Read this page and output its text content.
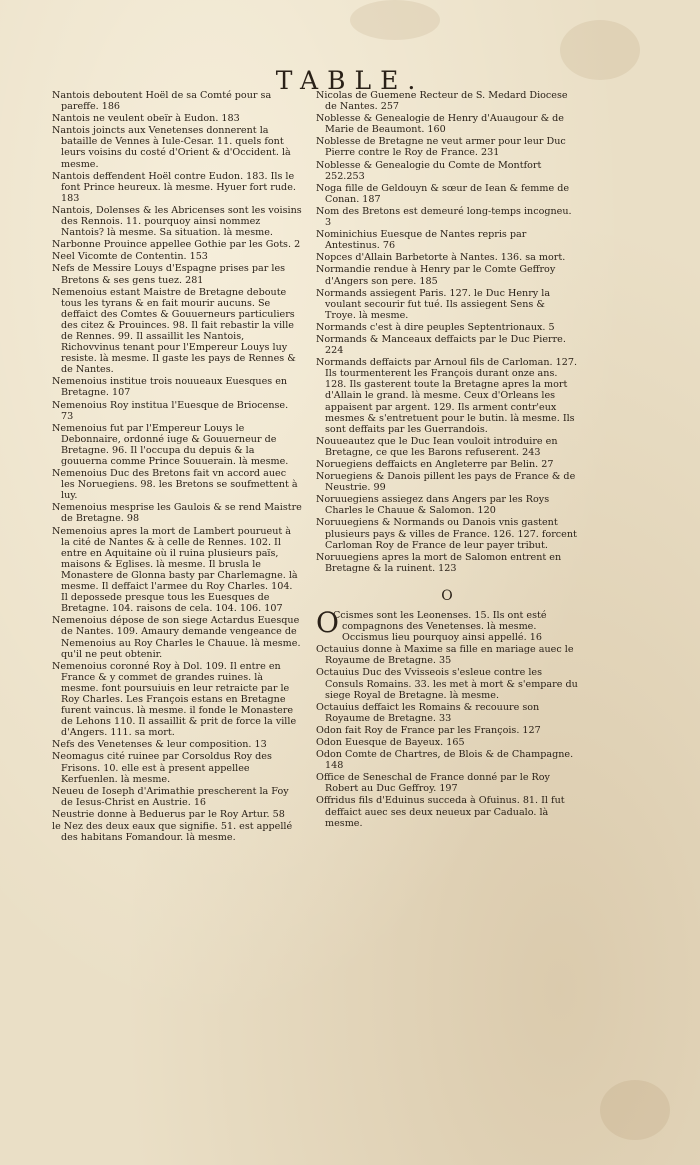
TABLE.

Nantois deboutent Hoël de sa Comté pour sa pareffe. 186

Nantois ne veulent obeïr à Eudon. 183

Nantois joincts aux Venetenses donnerent la bataille de Vennes à Iule-Cesar. 11. quels font leurs voisins du costé d'Orient & d'Occident. là mesme.

Nantois deffendent Hoël contre Eudon. 183. Ils le font Prince heureux. là mesme. Hyuer fort rude. 183

Nantois, Dolenses & les Abricenses sont les voisins des Rennois. 11. pourquoy ainsi nommez Nantois? là mesme. Sa situation. là mesme.

Narbonne Prouince appellee Gothie par les Gots. 2

Neel Vicomte de Contentin. 153

Nefs de Messire Louys d'Espagne prises par les Bretons & ses gens tuez. 281

Nemenoius estant Maistre de Bretagne deboute tous les tyrans & en fait mourir aucuns. Se deffaict des Comtes & Gouuerneurs particuliers des citez & Prouinces. 98. Il fait rebastir la ville de Rennes. 99. Il assaillit les Nantois, Richovvinus tenant pour l'Empereur Louys luy resiste. là mesme. Il gaste les pays de Rennes & de Nantes.

Nemenoius institue trois nouueaux Euesques en Bretagne. 107

Nemenoius Roy institua l'Euesque de Briocense. 73

Nemenoius fut par l'Empereur Louys le Debonnaire, ordonné iuge & Gouuerneur de Bretagne. 96. Il l'occupa du depuis & la gouuerna comme Prince Souuerain. là mesme.

Nemenoius Duc des Bretons fait vn accord auec les Noruegiens. 98. les Bretons se soufmettent à luy.

Nemenoius mesprise les Gaulois & se rend Maistre de Bretagne. 98

Nemenoius apres la mort de Lambert pourueut à la cité de Nantes & à celle de Rennes. 102. Il entre en Aquitaine où il ruina plusieurs païs, maisons & Eglises. là mesme. Il brusla le Monastere de Glonna basty par Charlemagne. là mesme. Il deffaict l'armee du Roy Charles. 104. Il depossede presque tous les Euesques de Bretagne. 104. raisons de cela. 104. 106. 107

Nemenoius dépose de son siege Actardus Euesque de Nantes. 109. Amaury demande vengeance de Nemenoius au Roy Charles le Chauue. là mesme. qu'il ne peut obtenir.

Nemenoius coronné Roy à Dol. 109. Il entre en France & y commet de grandes ruines. là mesme. font poursuiuis en leur retraicte par le Roy Charles. Les François estans en Bretagne furent vaincus. là mesme. il fonde le Monastere de Lehons 110. Il assaillit & prit de force la ville d'Angers. 111. sa mort.

Nefs des Venetenses & leur composition. 13

Neomagus cité ruinee par Corsoldus Roy des Frisons. 10. elle est à present appellee Kerfuenlen. là mesme.

Neueu de Ioseph d'Arimathie prescherent la Foy de Iesus-Christ en Austrie. 16

Neustrie donne à Beduerus par le Roy Artur. 58

le Nez des deux eaux que signifie. 51. est appellé des habitans Fomandour. là mesme.

Nicolas de Guemene Recteur de S. Medard Diocese de Nantes. 257

Noblesse & Genealogie de Henry d'Auaugour & de Marie de Beaumont. 160

Noblesse de Bretagne ne veut armer pour leur Duc Pierre contre le Roy de France. 231

Noblesse & Genealogie du Comte de Montfort 252.253

Noga fille de Geldouyn & sœur de Iean & femme de Conan. 187

Nom des Bretons est demeuré long-temps incogneu. 3

Nominichius Euesque de Nantes repris par Antestinus. 76

Nopces d'Allain Barbetorte à Nantes. 136. sa mort.

Normandie rendue à Henry par le Comte Geffroy d'Angers son pere. 185

Normands assiegent Paris. 127. le Duc Henry la voulant secourir fut tué. Ils assiegent Sens & Troye. là mesme.

Normands c'est à dire peuples Septentrionaux. 5

Normands & Manceaux deffaicts par le Duc Pierre. 224

Normands deffaicts par Arnoul fils de Carloman. 127. Ils tourmenterent les François durant onze ans. 128. Ils gasterent toute la Bretagne apres la mort d'Allain le grand. là mesme. Ceux d'Orleans les appaisent par argent. 129. Ils arment contr'eux mesmes & s'entretuent pour le butin. là mesme. Ils sont deffaits par les Guerrandois.

Nouueautez que le Duc Iean vouloit introduire en Bretagne, ce que les Barons refuserent. 243

Noruegiens deffaicts en Angleterre par Belin. 27

Noruegiens & Danois pillent les pays de France & de Neustrie. 99

Noruuegiens assiegez dans Angers par les Roys Charles le Chauue & Salomon. 120

Noruuegiens & Normands ou Danois vnis gastent plusieurs pays & villes de France. 126. 127. forcent Carloman Roy de France de leur payer tribut.

Noruuegiens apres la mort de Salomon entrent en Bretagne & la ruinent. 123

O

OCcismes sont les Leonenses. 15. Ils ont esté compagnons des Venetenses. là mesme. Occismus lieu pourquoy ainsi appellé. 16

Octauius donne à Maxime sa fille en mariage auec le Royaume de Bretagne. 35

Octauius Duc des Vvisseois s'esleue contre les Consuls Romains. 33. les met à mort & s'empare du siege Royal de Bretagne. là mesme.

Octauius deffaict les Romains & recouure son Royaume de Bretagne. 33

Odon fait Roy de France par les François. 127

Odon Euesque de Bayeux. 165

Odon Comte de Chartres, de Blois & de Champagne. 148

Office de Seneschal de France donné par le Roy Robert au Duc Geffroy. 197

Offridus fils d'Eduinus succeda à Ofuinus. 81. Il fut deffaict auec ses deux neueux par Cadualo. là mesme.
